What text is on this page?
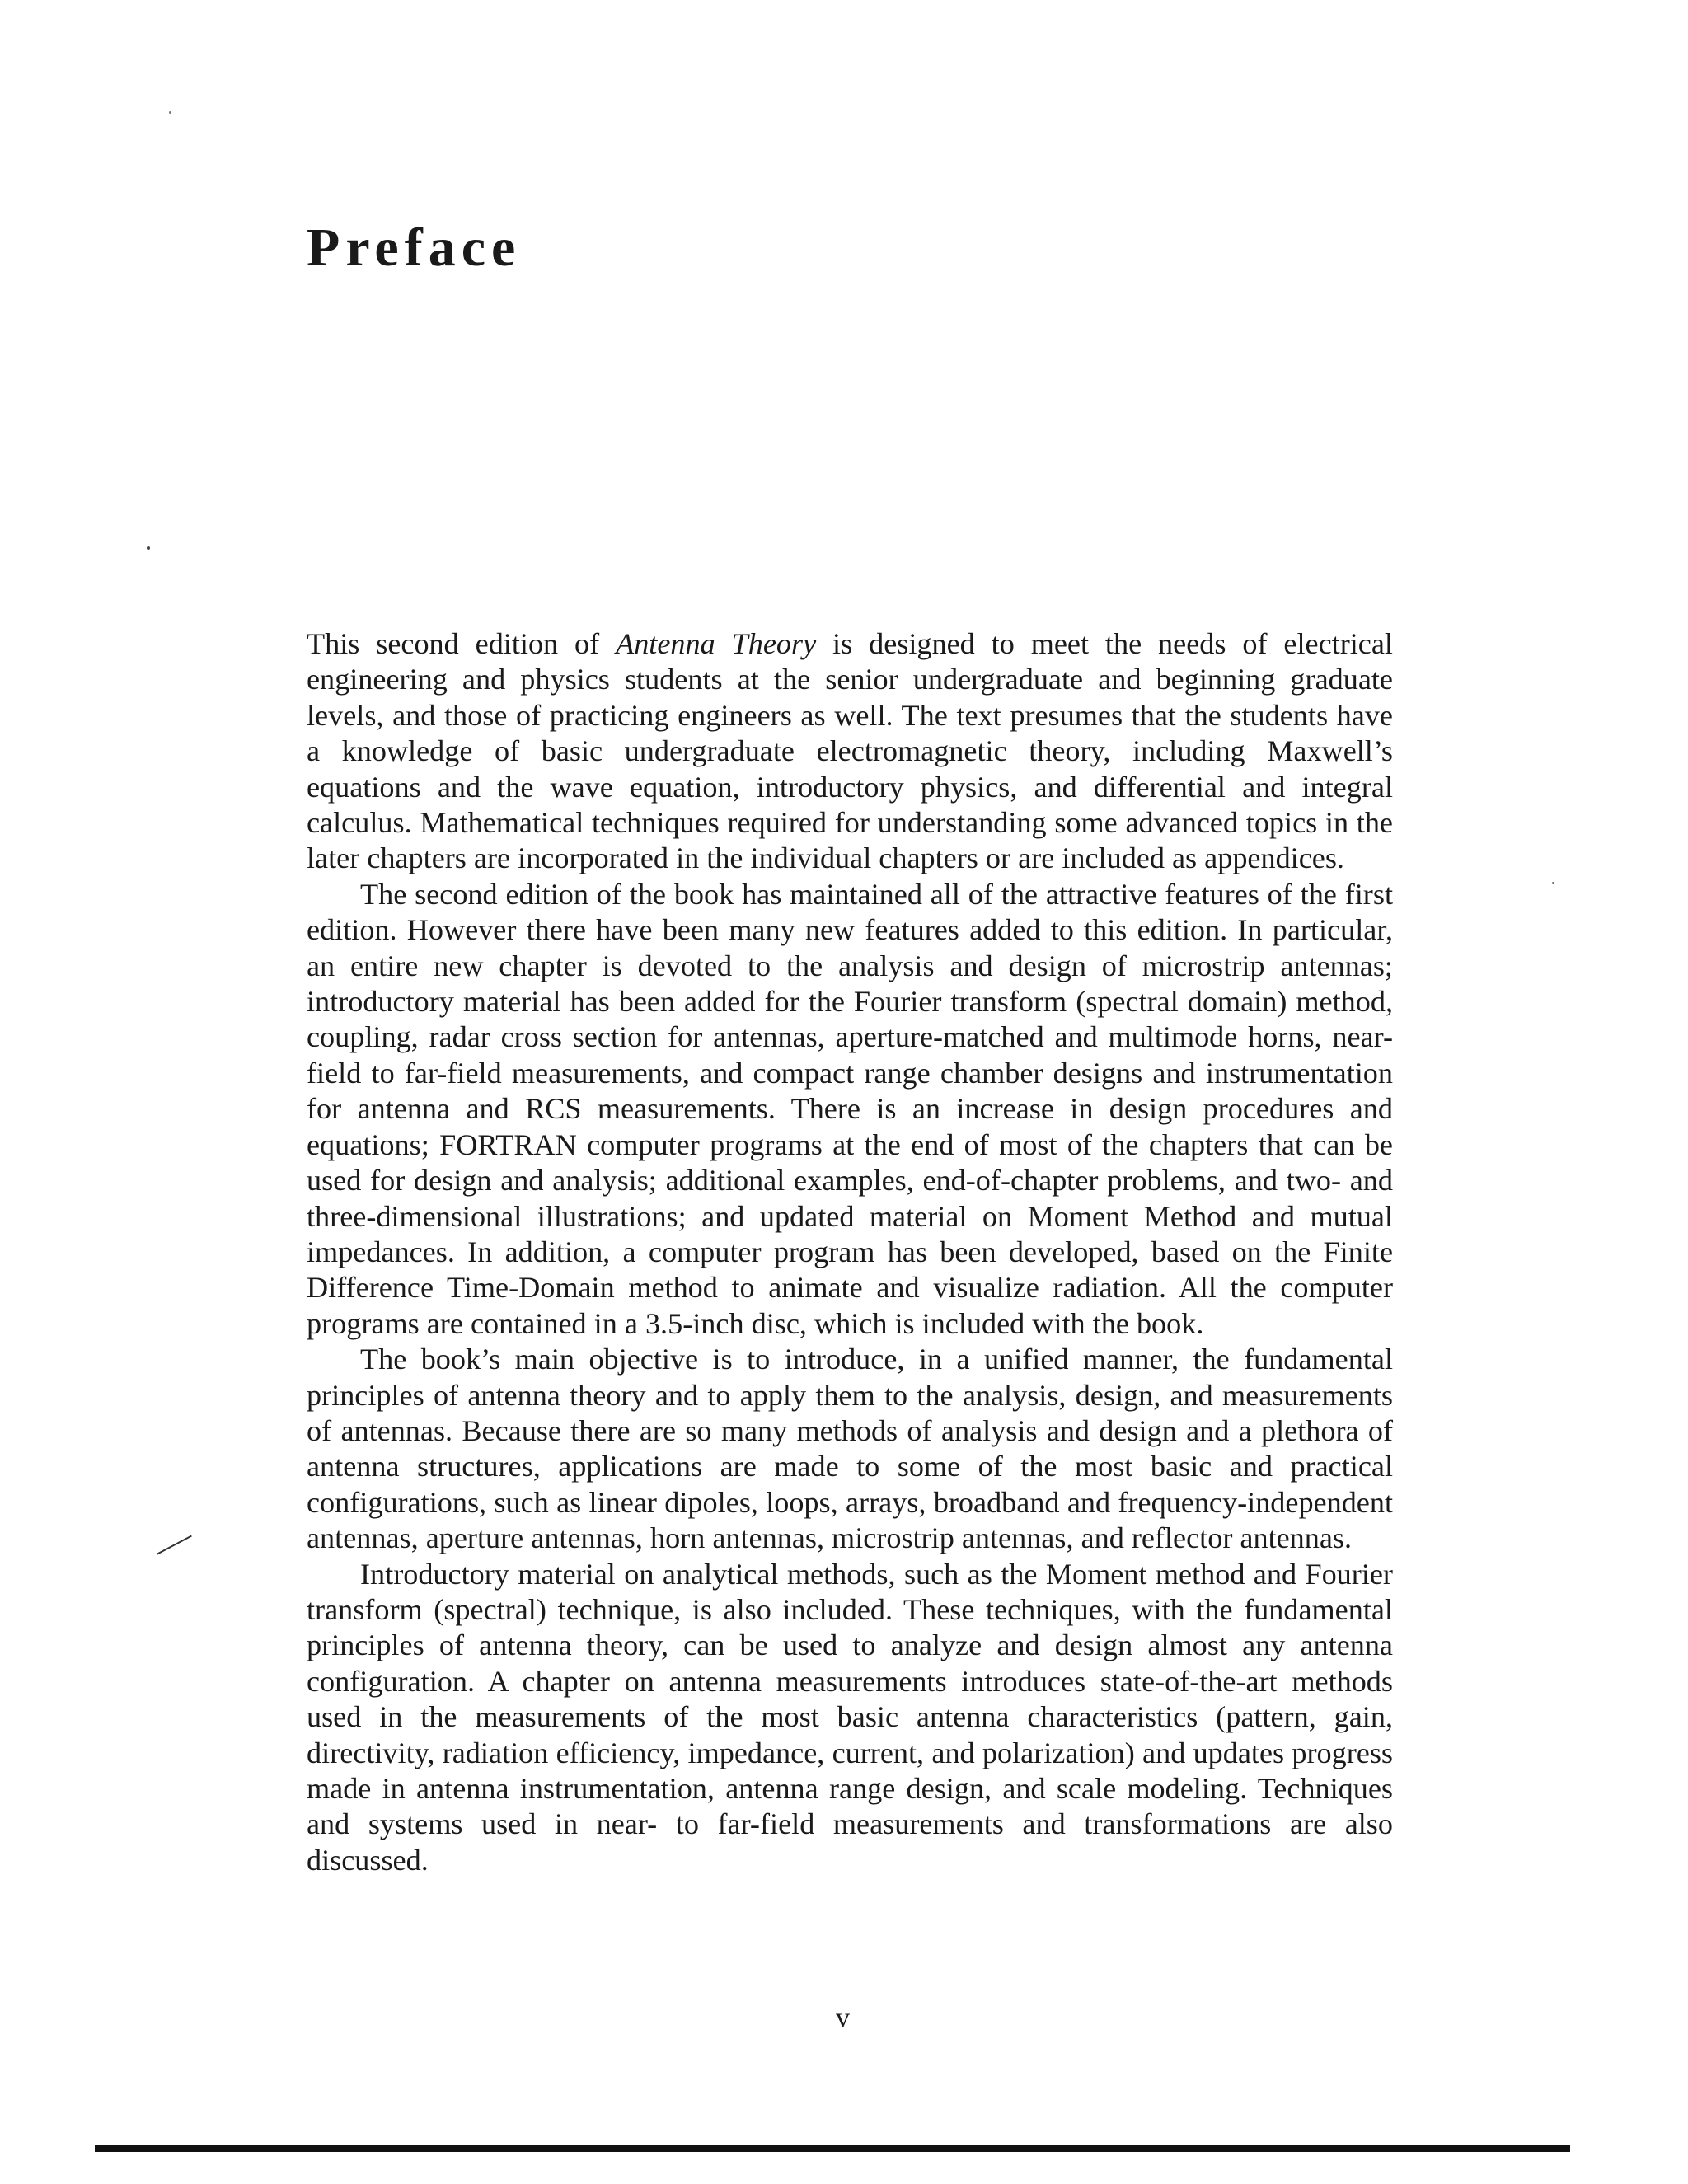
Preface

This second edition of Antenna Theory is designed to meet the needs of electrical engineering and physics students at the senior undergraduate and beginning graduate levels, and those of practicing engineers as well. The text presumes that the students have a knowledge of basic undergraduate electromagnetic theory, including Maxwell’s equations and the wave equation, introductory physics, and differential and integral calculus. Mathematical techniques required for understanding some advanced topics in the later chapters are incorporated in the individual chapters or are included as appendices.

The second edition of the book has maintained all of the attractive features of the first edition. However there have been many new features added to this edition. In particular, an entire new chapter is devoted to the analysis and design of microstrip antennas; introductory material has been added for the Fourier transform (spectral domain) method, coupling, radar cross section for antennas, aperture-matched and multimode horns, near-field to far-field measurements, and compact range chamber designs and instrumentation for antenna and RCS measurements. There is an increase in design procedures and equations; FORTRAN computer programs at the end of most of the chapters that can be used for design and analysis; additional examples, end-of-chapter problems, and two- and three-dimensional illustrations; and updated material on Moment Method and mutual impedances. In addition, a computer program has been developed, based on the Finite Difference Time-Domain method to animate and visualize radiation. All the computer programs are contained in a 3.5-inch disc, which is included with the book.

The book’s main objective is to introduce, in a unified manner, the fundamental principles of antenna theory and to apply them to the analysis, design, and measurements of antennas. Because there are so many methods of analysis and design and a plethora of antenna structures, applications are made to some of the most basic and practical configurations, such as linear dipoles, loops, arrays, broadband and frequency-independent antennas, aperture antennas, horn antennas, microstrip antennas, and reflector antennas.

Introductory material on analytical methods, such as the Moment method and Fourier transform (spectral) technique, is also included. These techniques, with the fundamental principles of antenna theory, can be used to analyze and design almost any antenna configuration. A chapter on antenna measurements introduces state-of-the-art methods used in the measurements of the most basic antenna characteristics (pattern, gain, directivity, radiation efficiency, impedance, current, and polarization) and updates progress made in antenna instrumentation, antenna range design, and scale modeling. Techniques and systems used in near- to far-field measurements and transformations are also discussed.

v
